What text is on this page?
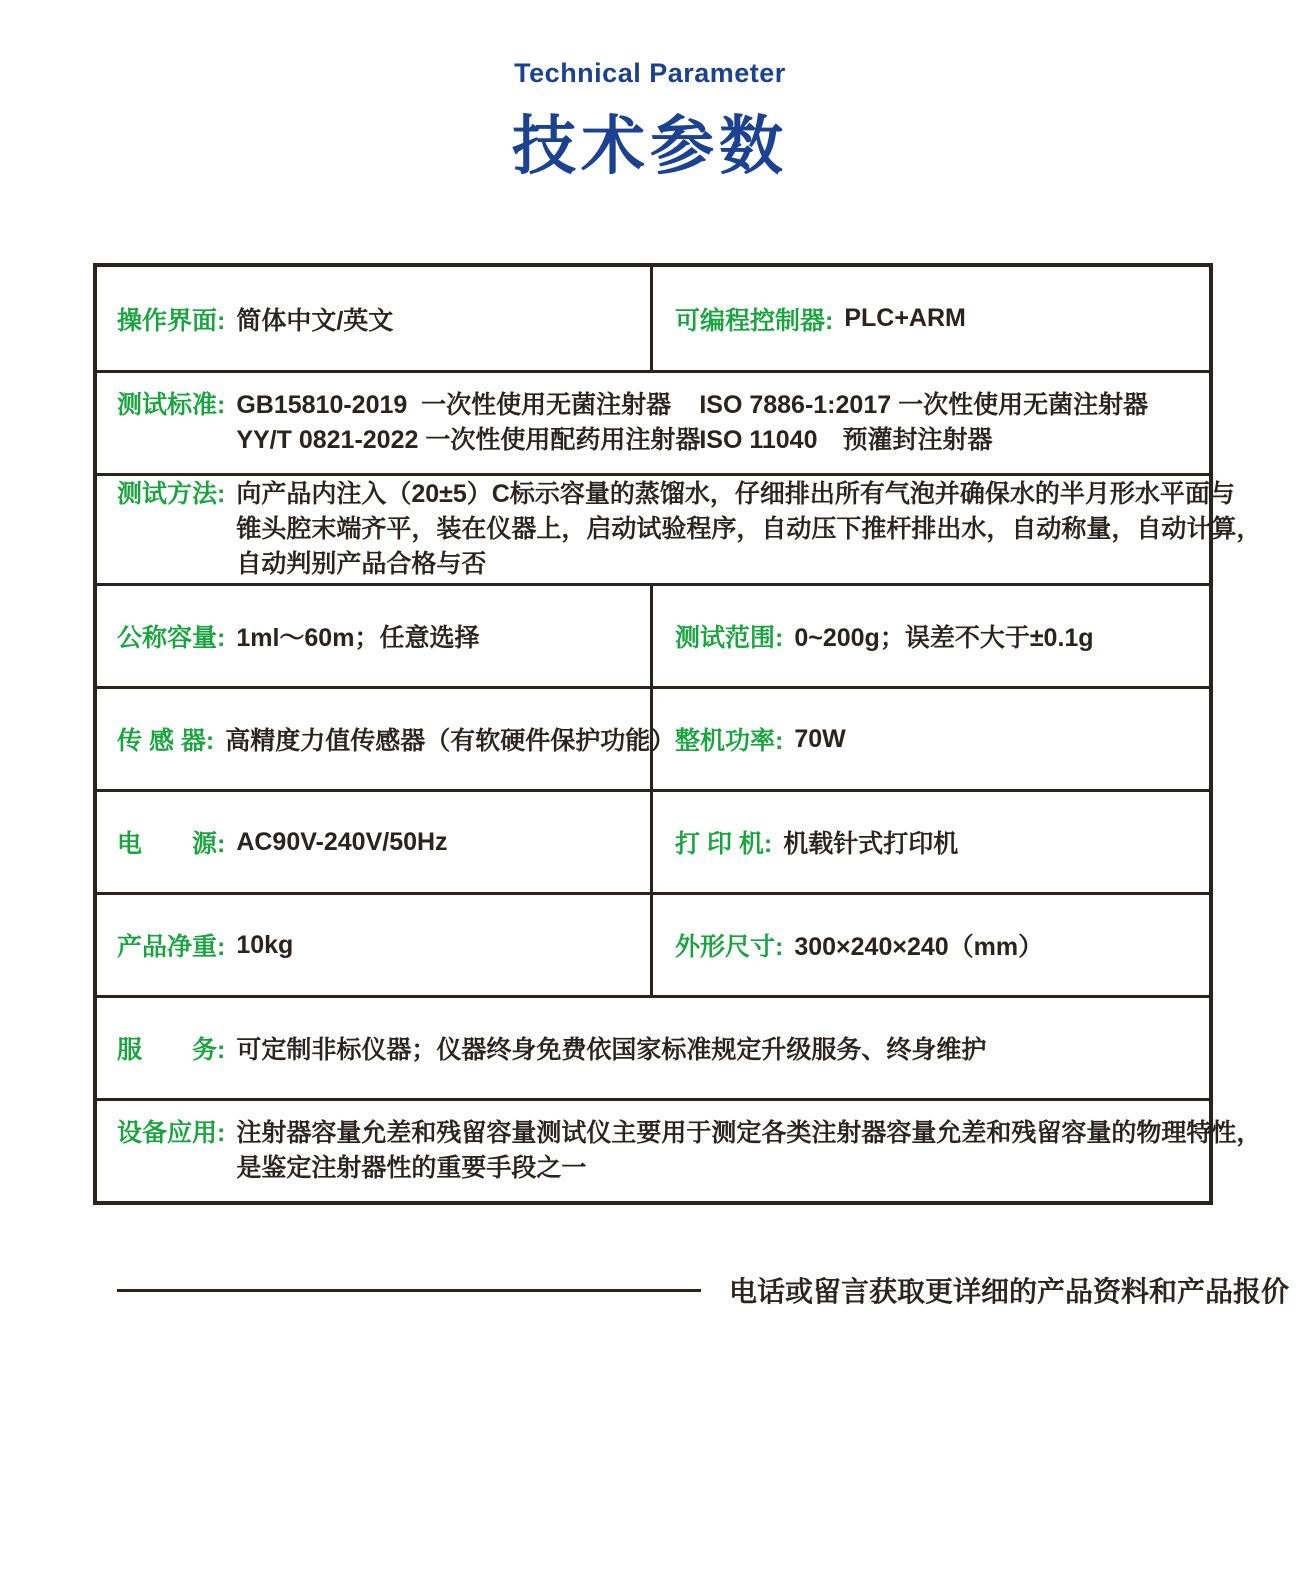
Technical Parameter
技术参数
操作界面: 简体中文/英文	可编程控制器: PLC+ARM
测试标准: GB15810-2019  一次性使用无菌注射器	ISO 7886-1:2017 一次性使用无菌注射器
YY/T 0821-2022 一次性使用配药用注射器
ISO 11040　预灌封注射器
测试方法: 向产品内注入（20±5）C标示容量的蒸馏水，仔细排出所有气泡并确保水的半月形水平面与
锥头腔末端齐平，装在仪器上，启动试验程序，自动压下推杆排出水，自动称量，自动计算，
自动判别产品合格与否
公称容量: 1ml～60m；任意选择	测试范围: 0~200g；误差不大于±0.1g
传 感 器: 高精度力值传感器（有软硬件保护功能） 整机功率: 70W
电　　源: AC90V-240V/50Hz	打 印 机: 机载针式打印机
产品净重: 10kg	外形尺寸: 300×240×240（mm）
服　　务: 可定制非标仪器；仪器终身免费依国家标准规定升级服务、终身维护
设备应用: 注射器容量允差和残留容量测试仪主要用于测定各类注射器容量允差和残留容量的物理特性，
是鉴定注射器性的重要手段之一
电话或留言获取更详细的产品资料和产品报价
